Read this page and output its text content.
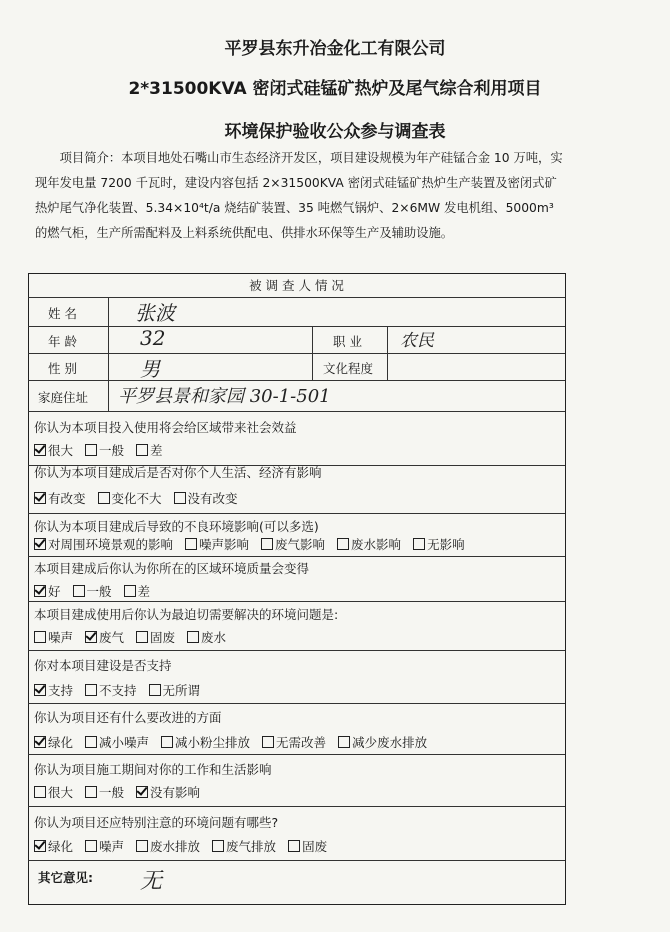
平罗县东升冶金化工有限公司
2*31500KVA 密闭式硅锰矿热炉及尾气综合利用项目
环境保护验收公众参与调查表
项目简介：本项目地处石嘴山市生态经济开发区，项目建设规模为年产硅锰合金 10 万吨，实现年发电量 7200 千瓦时，建设内容包括 2×31500KVA 密闭式硅锰矿热炉生产装置及密闭式矿热炉尾气净化装置、5.34×10⁴t/a 烧结矿装置、35 吨燃气锅炉、2×6MW 发电机组、5000m³ 的燃气柜，生产所需配料及上料系统供配电、供排水环保等生产及辅助设施。
被 调 查 人 情 况
姓 名	张波
年 龄	32	职 业 农民
性 别	男	文化程度
家庭住址 平罗县景和家园 30-1-501
你认为本项目投入使用将会给区域带来社会效益
很大 一般 差
你认为本项目建成后是否对你个人生活、经济有影响
有改变 变化不大 没有改变
你认为本项目建成后导致的不良环境影响(可以多选)
对周围环境景观的影响 噪声影响 废气影响 废水影响 无影响
本项目建成后你认为你所在的区域环境质量会变得
好 一般 差
本项目建成使用后你认为最迫切需要解决的环境问题是:
噪声 废气 固废 废水
你对本项目建设是否支持
支持 不支持 无所谓
你认为项目还有什么要改进的方面
绿化 减小噪声 减小粉尘排放 无需改善 减少废水排放
你认为项目施工期间对你的工作和生活影响
很大 一般 没有影响
你认为项目还应特别注意的环境问题有哪些?
绿化 噪声 废水排放 废气排放 固废
其它意见: 无
